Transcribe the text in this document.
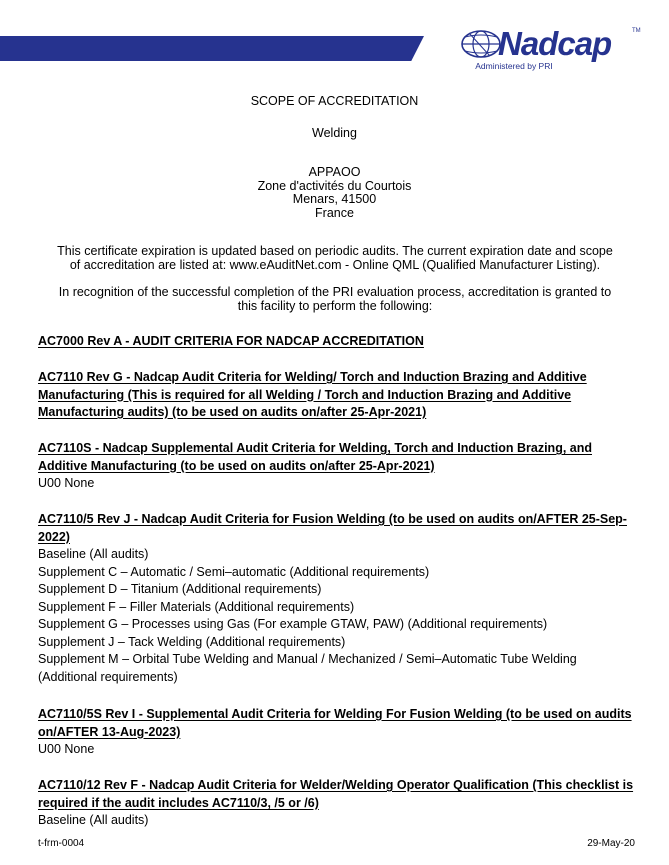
Nadcap	TM
Administered by PRI
SCOPE OF ACCREDITATION
Welding
APPAOO
Zone d'activités du Courtois
Menars, 41500
France
This certificate expiration is updated based on periodic audits. The current expiration date and scope
of accreditation are listed at: www.eAuditNet.com - Online QML (Qualified Manufacturer Listing).
In recognition of the successful completion of the PRI evaluation process, accreditation is granted to
this facility to perform the following:
AC7000 Rev A - AUDIT CRITERIA FOR NADCAP ACCREDITATION
AC7110 Rev G - Nadcap Audit Criteria for Welding/ Torch and Induction Brazing and Additive
Manufacturing (This is required for all Welding / Torch and Induction Brazing and Additive
Manufacturing audits) (to be used on audits on/after 25-Apr-2021)
AC7110S - Nadcap Supplemental Audit Criteria for Welding, Torch and Induction Brazing, and
Additive Manufacturing (to be used on audits on/after 25-Apr-2021)
U00 None
AC7110/5 Rev J - Nadcap Audit Criteria for Fusion Welding (to be used on audits on/AFTER 25-Sep-
2022)
Baseline (All audits)
Supplement C – Automatic / Semi–automatic (Additional requirements)
Supplement D – Titanium (Additional requirements)
Supplement F – Filler Materials (Additional requirements)
Supplement G – Processes using Gas (For example GTAW, PAW) (Additional requirements)
Supplement J – Tack Welding (Additional requirements)
Supplement M – Orbital Tube Welding and Manual / Mechanized / Semi–Automatic Tube Welding
(Additional requirements)
AC7110/5S Rev I - Supplemental Audit Criteria for Welding For Fusion Welding (to be used on audits
on/AFTER 13-Aug-2023)
U00 None
AC7110/12 Rev F - Nadcap Audit Criteria for Welder/Welding Operator Qualification (This checklist is
required if the audit includes AC7110/3, /5 or /6)
Baseline (All audits)
t-frm-0004	29-May-20
